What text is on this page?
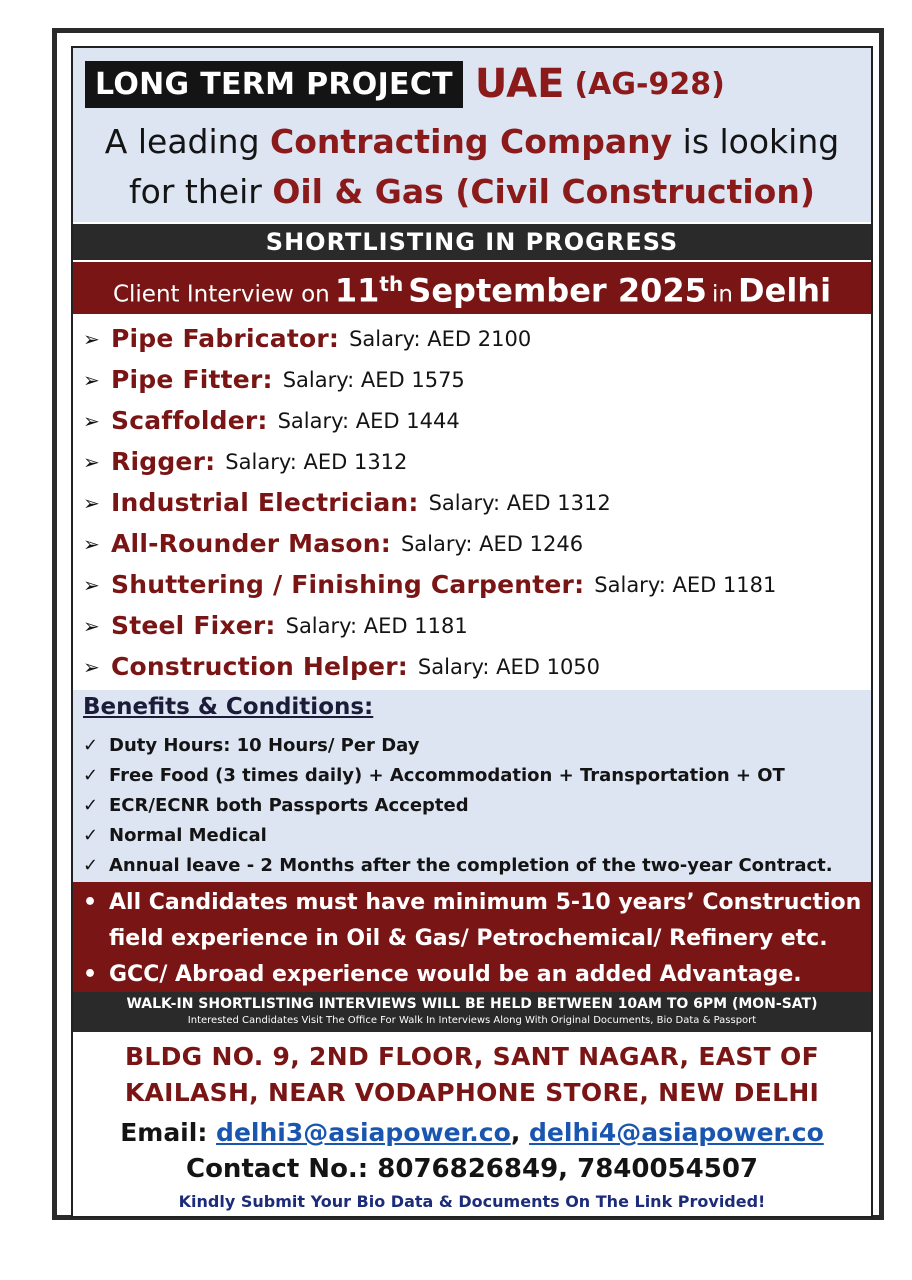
LONG TERM PROJECT UAE (AG-928)
A leading Contracting Company is looking
for their Oil & Gas (Civil Construction)
SHORTLISTING IN PROGRESS
Client Interview on 11th September 2025 in Delhi
➢ Pipe Fabricator: Salary: AED 2100
➢ Pipe Fitter: Salary: AED 1575
➢ Scaffolder: Salary: AED 1444
➢ Rigger: Salary: AED 1312
➢ Industrial Electrician: Salary: AED 1312
➢ All-Rounder Mason: Salary: AED 1246
➢ Shuttering / Finishing Carpenter: Salary: AED 1181
➢ Steel Fixer: Salary: AED 1181
➢ Construction Helper: Salary: AED 1050
Benefits & Conditions:
✓ Duty Hours: 10 Hours/ Per Day
✓ Free Food (3 times daily) + Accommodation + Transportation + OT
✓ ECR/ECNR both Passports Accepted
✓ Normal Medical
✓ Annual leave - 2 Months after the completion of the two-year Contract.
• All Candidates must have minimum 5-10 years’ Construction
field experience in Oil & Gas/ Petrochemical/ Refinery etc.
• GCC/ Abroad experience would be an added Advantage.
WALK-IN SHORTLISTING INTERVIEWS WILL BE HELD BETWEEN 10AM TO 6PM (MON-SAT)
Interested Candidates Visit The Office For Walk In Interviews Along With Original Documents, Bio Data & Passport
BLDG NO. 9, 2ND FLOOR, SANT NAGAR, EAST OF
KAILASH, NEAR VODAPHONE STORE, NEW DELHI
Email: delhi3@asiapower.co, delhi4@asiapower.co
Contact No.: 8076826849, 7840054507
Kindly Submit Your Bio Data & Documents On The Link Provided!
